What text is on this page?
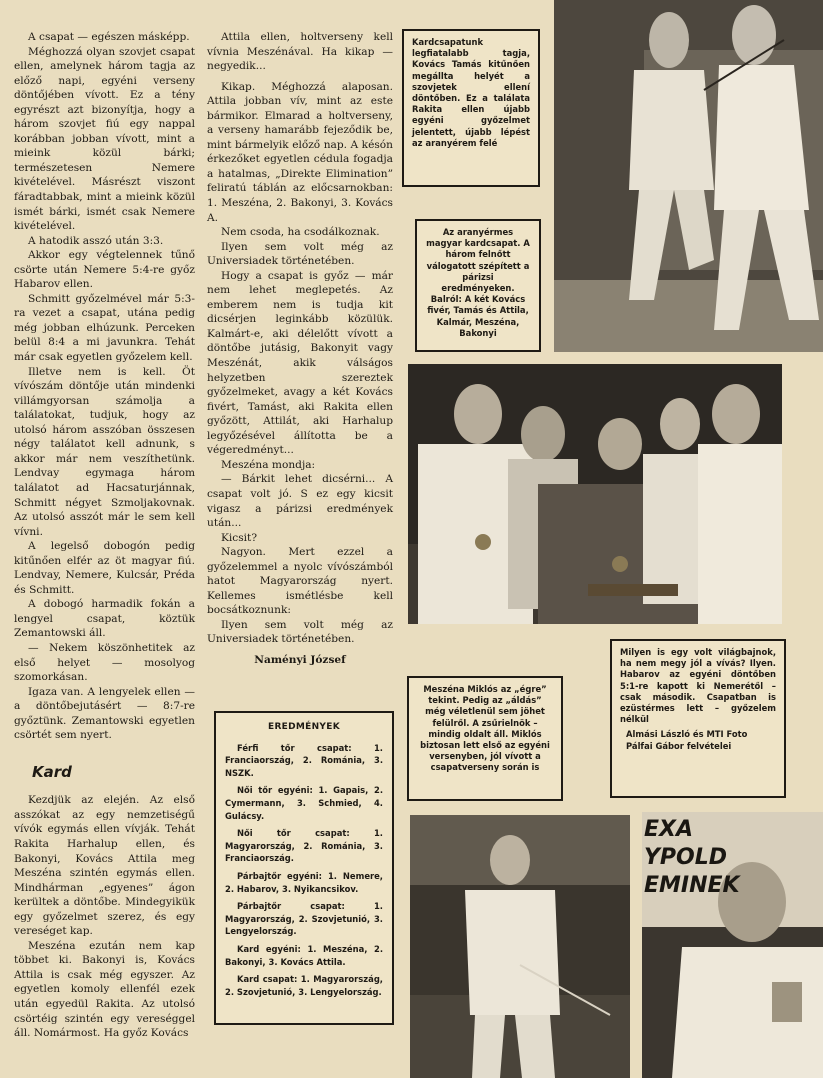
A csapat — egészen másképp.

Méghozzá olyan szovjet csapat ellen, amelynek három tagja az előző napi, egyéni verseny döntőjében vívott. Ez a tény egyrészt azt bizonyítja, hogy a három szovjet fiú egy nappal korábban jobban vívott, mint a mieink közül bárki; természetesen Nemere kivételével. Másrészt viszont fáradtabbak, mint a mieink közül ismét bárki, ismét csak Nemere kivételével.

A hatodik asszó után 3:3.

Akkor egy végtelennek tűnő csörte után Nemere 5:4-re győz Habarov ellen.

Schmitt győzelmével már 5:3-ra vezet a csapat, utána pedig még jobban elhúzunk. Perceken belül 8:4 a mi javunkra. Tehát már csak egyetlen győzelem kell.

Illetve nem is kell. Öt vívószám döntője után mindenki villámgyorsan számolja a találatokat, tudjuk, hogy az utolsó három asszóban összesen négy találatot kell adnunk, s akkor már nem veszíthetünk. Lendvay egymaga három találatot ad Hacsaturjánnak, Schmitt négyet Szmoljakovnak. Az utolsó asszót már le sem kell vívni.

A legelső dobogón pedig kitűnően elfér az öt magyar fiú. Lendvay, Nemere, Kulcsár, Préda és Schmitt.

A dobogó harmadik fokán a lengyel csapat, köztük Zemantowski áll.

— Nekem köszönhetitek az első helyet — mosolyog szomorkásan.

Igaza van. A lengyelek ellen — a döntőbejutásért — 8:7-re győztünk. Zemantowski egyetlen csörtét sem nyert.

Kard

Kezdjük az elején. Az első asszókat az egy nemzetiségű vívók egymás ellen vívják. Tehát Rakita Harhalup ellen, és Bakonyi, Kovács Attila meg Meszéna szintén egymás ellen. Mindhárman „egyenes” ágon kerültek a döntőbe. Mindegyikük egy győzelmet szerez, és egy vereséget kap.

Meszéna ezután nem kap többet ki. Bakonyi is, Kovács Attila is csak még egyszer. Az egyetlen komoly ellenfél ezek után egyedül Rakita. Az utolsó csörtéig szintén egy vereséggel áll. Nomármost. Ha győz Kovács

Attila ellen, holtverseny kell vívnia Meszénával. Ha kikap — negyedik...

Kikap. Méghozzá alaposan. Attila jobban vív, mint az este bármikor. Elmarad a holtverseny, a verseny hamarább fejeződik be, mint bármelyik előző nap. A késón érkezőket egyetlen cédula fogadja a hatalmas, „Direkte Elimination” feliratú táblán az előcsarnokban: 1. Meszéna, 2. Bakonyi, 3. Kovács A.

Nem csoda, ha csodálkoznak.

Ilyen sem volt még az Universiadek történetében.

Hogy a csapat is győz — már nem lehet meglepetés. Az emberem nem is tudja kit dicsérjen leginkább közülük. Kalmárt-e, aki délelőtt vívott a döntőbe jutásig, Bakonyit vagy Meszénát, akik válságos helyzetben szereztek győzelmeket, avagy a két Kovács fivért, Tamást, aki Rakita ellen győzött, Attilát, aki Harhalup legyőzésével állította be a végeredményt...

Meszéna mondja:

— Bárkit lehet dicsérni... A csapat volt jó. S ez egy kicsit vigasz a párizsi eredmények után...

Kicsit?

Nagyon. Mert ezzel a győzelemmel a nyolc vívószámból hatot Magyarország nyert. Kellemes ismétlésbe kell bocsátkoznunk:

Ilyen sem volt még az Universiadek történetében.

Naményi József

EREDMÉNYEK
Férfi tőr csapat: 1. Franciaország, 2. Románia, 3. NSZK.
Női tőr egyéni: 1. Gapais, 2. Cymermann, 3. Schmied, 4. Gulácsy.
Női tőr csapat: 1. Magyarország, 2. Románia, 3. Franciaország.
Párbajtőr egyéni: 1. Nemere, 2. Habarov, 3. Nyikancsikov.
Párbajtőr csapat: 1. Magyarország, 2. Szovjetunió, 3. Lengyelország.
Kard egyéni: 1. Meszéna, 2. Bakonyi, 3. Kovács Attila.
Kard csapat: 1. Magyarország, 2. Szovjetunió, 3. Lengyelország.
Kardcsapatunk legfiatalabb tagja, Kovács Tamás kitűnően megállta helyét a szovjetek ellení döntőben. Ez a találata Rakita ellen újabb egyéni győzelmet jelentett, újabb lépést az aranyérem felé
Az aranyérmes magyar kardcsapat. A három felnőtt válogatott szépített a párizsi eredményeken. Balról: A két Kovács fivér, Tamás és Attila, Kalmár, Meszéna, Bakonyi
Meszéna Miklós az „égre” tekint. Pedig az „áldás” még véletlenül sem jöhet felülről. A zsűrielnök – mindig oldalt áll. Miklós biztosan lett első az egyéni versenyben, jól vívott a csapatverseny során is
Milyen is egy volt világbajnok, ha nem megy jól a vívás? Ilyen. Habarov az egyéni döntőben 5:1-re kapott ki Nemerétől – csak második. Csapatban is ezüstérmes lett – győzelem nélkül
Almási László és MTI Foto Pálfai Gábor felvételei
EXA
YPOLD
EMINEK
